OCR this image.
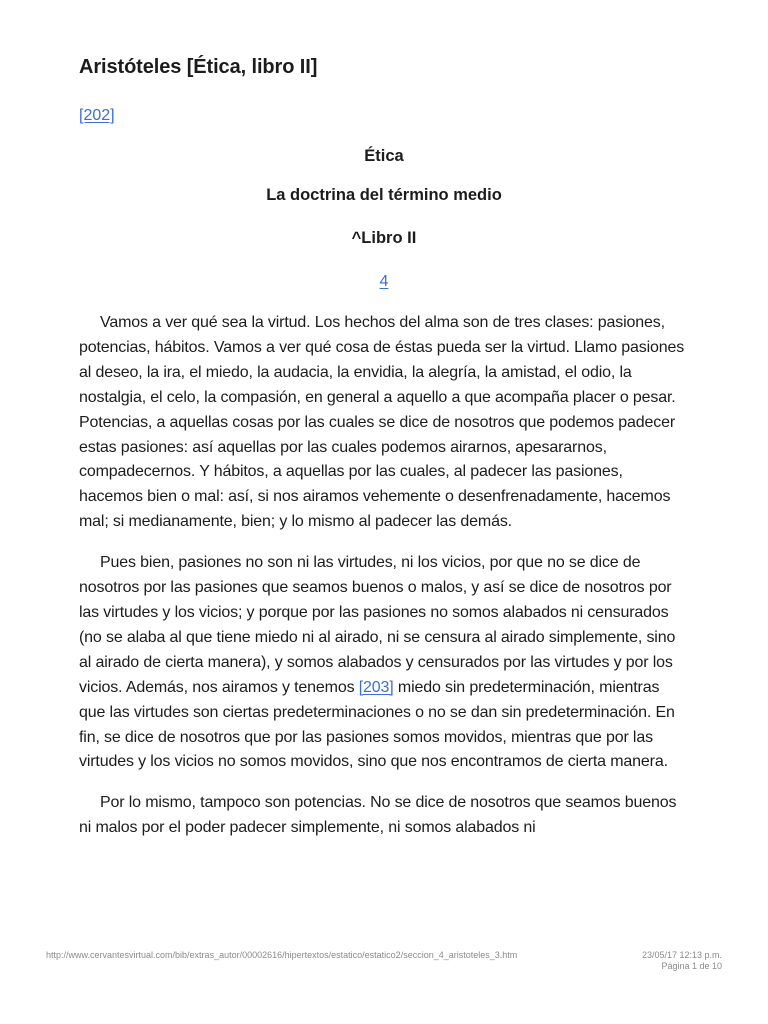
Aristóteles [Ética, libro II]
[202]
Ética
La doctrina del término medio
^Libro II
4

Vamos a ver qué sea la virtud. Los hechos del alma son de tres clases: pasiones, potencias, hábitos. Vamos a ver qué cosa de éstas pueda ser la virtud. Llamo pasiones al deseo, la ira, el miedo, la audacia, la envidia, la alegría, la amistad, el odio, la nostalgia, el celo, la compasión, en general a aquello a que acompaña placer o pesar. Potencias, a aquellas cosas por las cuales se dice de nosotros que podemos padecer estas pasiones: así aquellas por las cuales podemos airarnos, apesararnos, compadecernos. Y hábitos, a aquellas por las cuales, al padecer las pasiones, hacemos bien o mal: así, si nos airamos vehemente o desenfrenadamente, hacemos mal; si medianamente, bien; y lo mismo al padecer las demás.

Pues bien, pasiones no son ni las virtudes, ni los vicios, por que no se dice de nosotros por las pasiones que seamos buenos o malos, y así se dice de nosotros por las virtudes y los vicios; y porque por las pasiones no somos alabados ni censurados (no se alaba al que tiene miedo ni al airado, ni se censura al airado simplemente, sino al airado de cierta manera), y somos alabados y censurados por las virtudes y por los vicios. Además, nos airamos y tenemos [203] miedo sin predeterminación, mientras que las virtudes son ciertas predeterminaciones o no se dan sin predeterminación. En fin, se dice de nosotros que por las pasiones somos movidos, mientras que por las virtudes y los vicios no somos movidos, sino que nos encontramos de cierta manera.

Por lo mismo, tampoco son potencias. No se dice de nosotros que seamos buenos ni malos por el poder padecer simplemente, ni somos alabados ni

http://www.cervantesvirtual.com/bib/extras_autor/00002616/hipertextos/estatico/estatico2/seccion_4_aristoteles_3.htm	23/05/17 12:13 p.m.
Página 1 de 10
